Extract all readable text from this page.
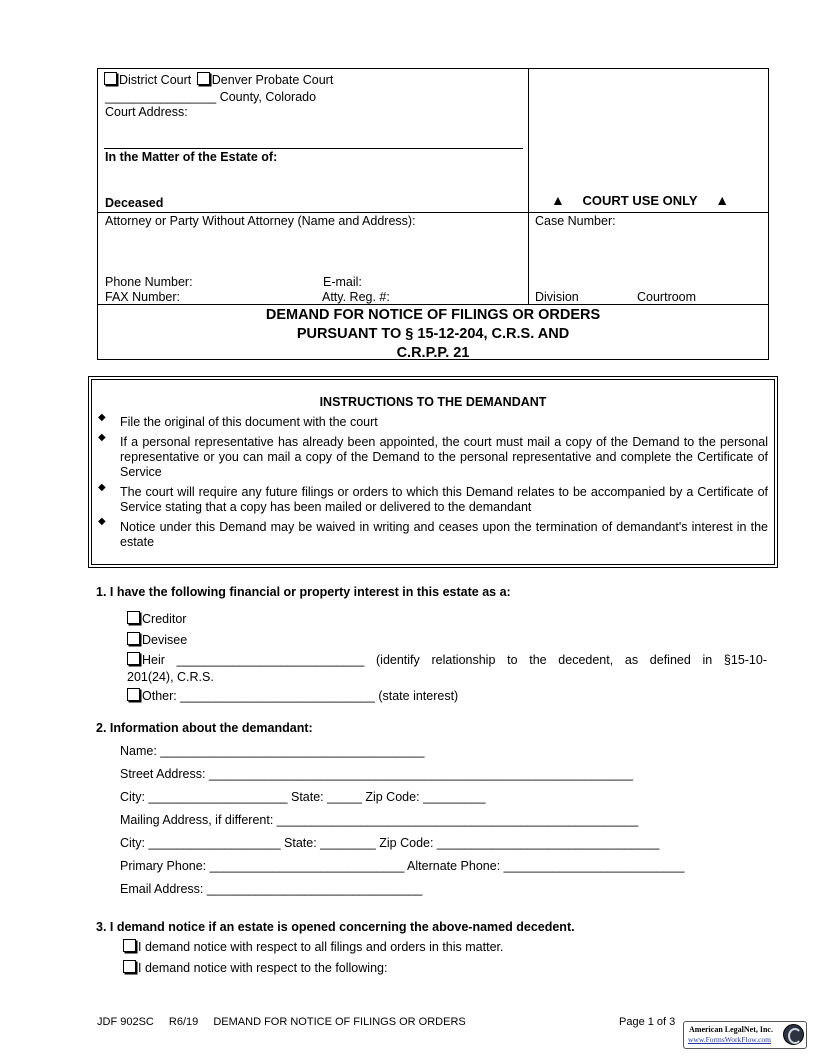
District Court Denver Probate Court
________________ County, Colorado
Court Address:
In the Matter of the Estate of:
Deceased	▲ COURT USE ONLY ▲
Attorney or Party Without Attorney (Name and Address):	Case Number:
Phone Number:	E-mail:
FAX Number:	Atty. Reg. #:	Division	Courtroom
DEMAND FOR NOTICE OF FILINGS OR ORDERS
PURSUANT TO § 15-12-204, C.R.S. AND
C.R.P.P. 21
INSTRUCTIONS TO THE DEMANDANT
◆ File the original of this document with the court
◆ If a personal representative has already been appointed, the court must mail a copy of the Demand to the personal representative or you can mail a copy of the Demand to the personal representative and complete the Certificate of Service
◆ The court will require any future filings or orders to which this Demand relates to be accompanied by a Certificate of Service stating that a copy has been mailed or delivered to the demandant
◆ Notice under this Demand may be waived in writing and ceases upon the termination of demandant's interest in the estate
1. I have the following financial or property interest in this estate as a:
Creditor
Devisee
Heir ___________________________ (identify relationship to the decedent, as defined in §15-10-
201(24), C.R.S.
Other: ____________________________ (state interest)
2. Information about the demandant:
Name: ______________________________________
Street Address: _____________________________________________________________
City: ____________________ State: _____ Zip Code: _________
Mailing Address, if different: ____________________________________________________
City: ___________________ State: ________ Zip Code: ________________________________
Primary Phone: ____________________________ Alternate Phone: __________________________
Email Address: _______________________________
3. I demand notice if an estate is opened concerning the above-named decedent.
I demand notice with respect to all filings and orders in this matter.
I demand notice with respect to the following:
JDF 902SC R6/19 DEMAND FOR NOTICE OF FILINGS OR ORDERS	Page 1 of 3
American LegalNet, Inc.
www.FormsWorkFlow.com
